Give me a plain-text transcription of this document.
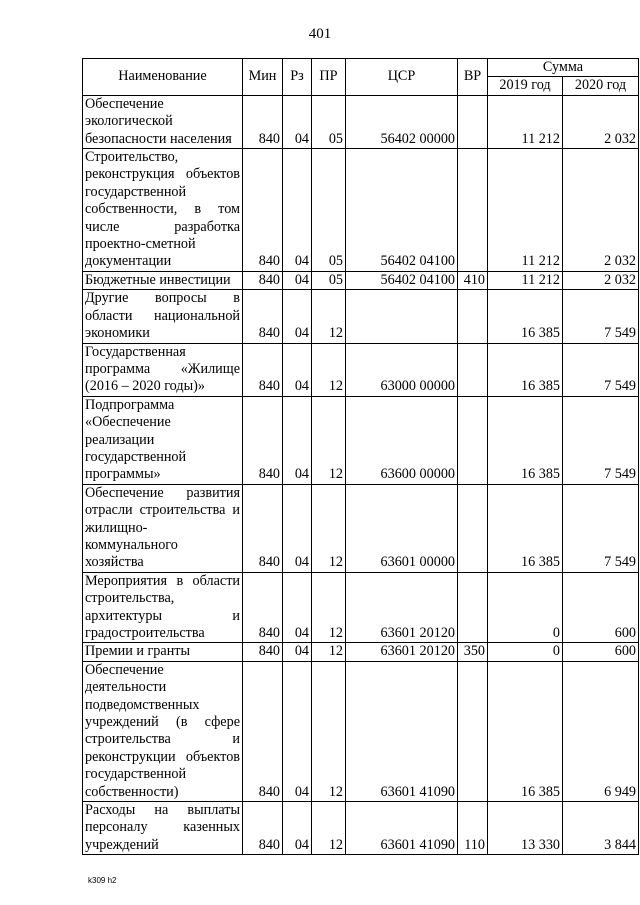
401
Наименование	Мин	Рз	ПР	ЦСР	ВР	Сумма	
						2019 год	2020 год
Обеспечение экологической безопасности населения	840	04	05	56402 00000		11 212	2 032
Строительство, реконструкция объектов государственной собственности, в том числе разработка проектно-сметной документации	840	04	05	56402 04100		11 212	2 032
Бюджетные инвестиции	840	04	05	56402 04100	410	11 212	2 032
Другие вопросы в области национальной экономики	840	04	12			16 385	7 549
Государственная программа «Жилище (2016 – 2020 годы)»	840	04	12	63000 00000		16 385	7 549
Подпрограмма «Обеспечение реализации государственной программы»	840	04	12	63600 00000		16 385	7 549
Обеспечение развития отрасли строительства и жилищно-коммунального хозяйства	840	04	12	63601 00000		16 385	7 549
Мероприятия в области строительства, архитектуры и градостроительства	840	04	12	63601 20120		0	600
Премии и гранты	840	04	12	63601 20120	350	0	600
Обеспечение деятельности подведомственных учреждений (в сфере строительства и реконструкции объектов государственной собственности)	840	04	12	63601 41090		16 385	6 949
Расходы на выплаты персоналу казенных учреждений	840	04	12	63601 41090	110	13 330	3 844
k309 h2
